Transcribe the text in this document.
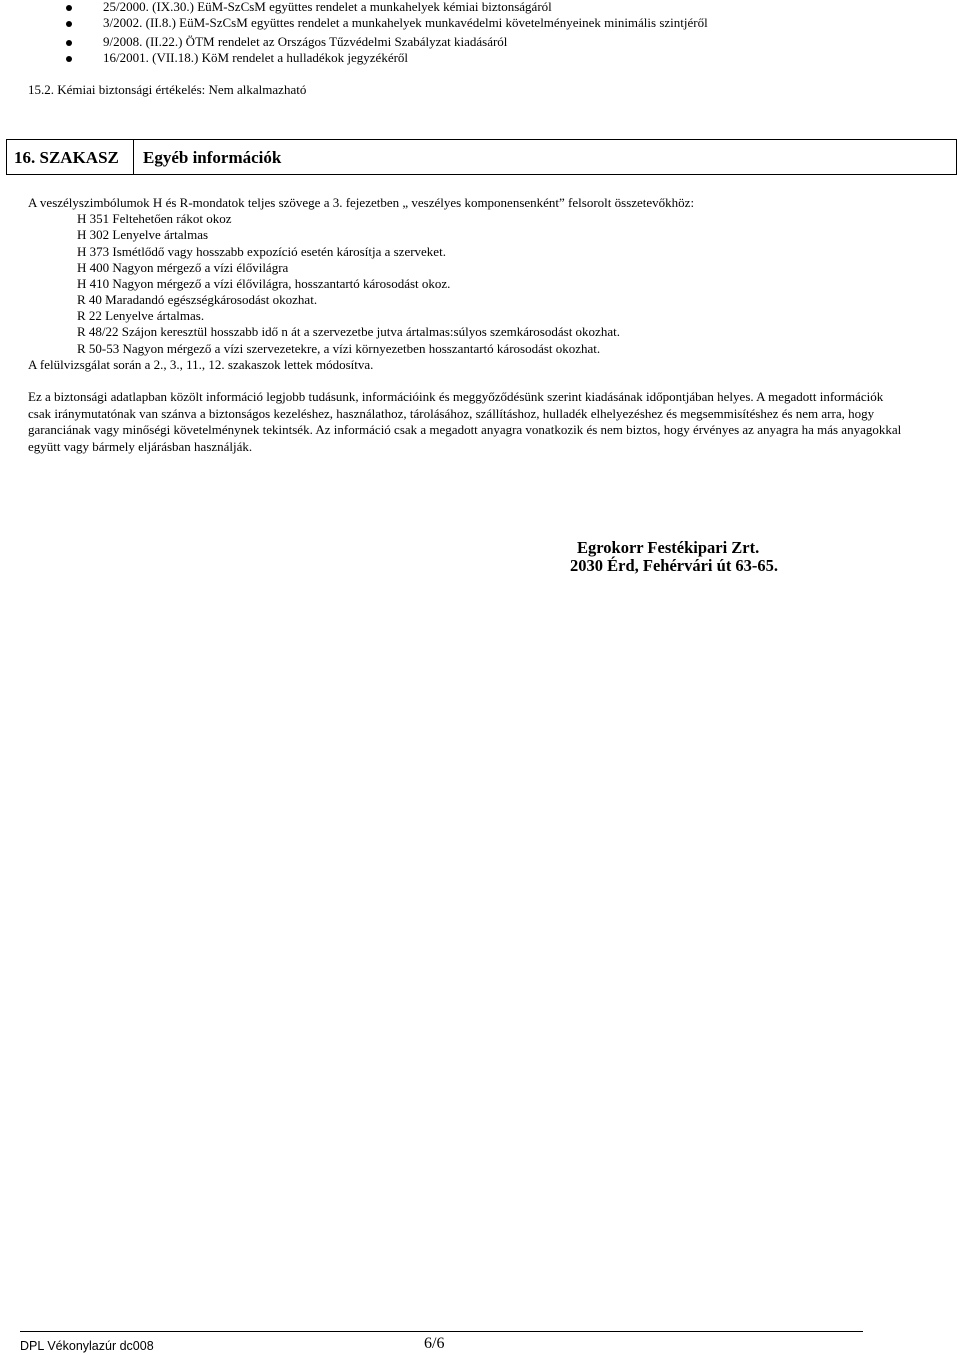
25/2000. (IX.30.) EüM-SzCsM együttes rendelet a munkahelyek kémiai biztonságáról
3/2002. (II.8.) EüM-SzCsM együttes rendelet a munkahelyek munkavédelmi követelményeinek minimális szintjéről
9/2008. (II.22.) ÖTM rendelet az Országos Tűzvédelmi Szabályzat kiadásáról
16/2001. (VII.18.) KöM rendelet a hulladékok jegyzékéről
15.2. Kémiai biztonsági értékelés: Nem alkalmazható
16. SZAKASZ Egyéb információk
A veszélyszimbólumok H és R-mondatok teljes szövege a 3. fejezetben „ veszélyes komponensenként” felsorolt összetevőkhöz:
H 351 Feltehetően rákot okoz
H 302 Lenyelve ártalmas
H 373 Ismétlődő vagy hosszabb expozíció esetén károsítja a szerveket.
H 400 Nagyon mérgező a vízi élővilágra
H 410 Nagyon mérgező a vízi élővilágra, hosszantartó károsodást okoz.
R 40 Maradandó egészségkárosodást okozhat.
R 22 Lenyelve ártalmas.
R 48/22 Szájon keresztül hosszabb idő n át a szervezetbe jutva ártalmas:súlyos szemkárosodást okozhat.
R 50-53 Nagyon mérgező a vízi szervezetekre, a vízi környezetben hosszantartó károsodást okozhat.
A felülvizsgálat során a 2., 3., 11., 12. szakaszok lettek módosítva.
Ez a biztonsági adatlapban közölt információ legjobb tudásunk, információink és meggyőződésünk szerint kiadásának időpontjában helyes. A megadott információk csak iránymutatónak van szánva a biztonságos kezeléshez, használathoz, tárolásához, szállításhoz, hulladék elhelyezéshez és megsemmisítéshez és nem arra, hogy garanciának vagy minőségi követelménynek tekintsék. Az információ csak a megadott anyagra vonatkozik és nem biztos, hogy érvényes az anyagra ha más anyagokkal együtt vagy bármely eljárásban használják.
Egrokorr Festékipari Zrt.
2030 Érd, Fehérvári út 63-65.
DPL Vékonylazúr dc008	6/6
